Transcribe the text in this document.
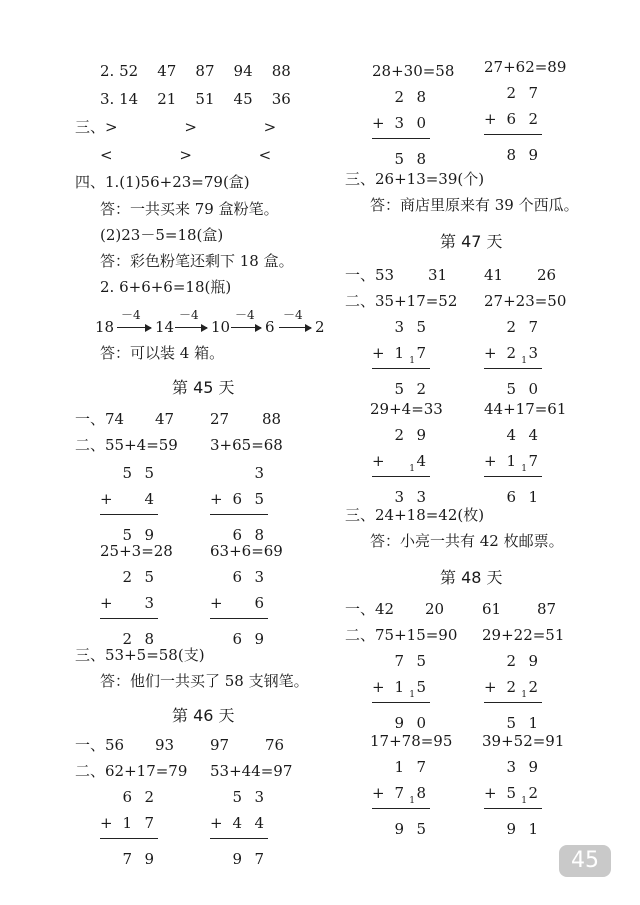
2. 52    47    87    94    88
3. 14    21    51    45    36
三、>              >              >
<              >              <
四、1.(1)56+23=79(盒)
答：一共买来 79 盒粉笔。
(2)23－5=18(盒)
答：彩色粉笔还剩下 18 盒。
2. 6+6+6=18(瓶)
18
－4
14
－4
10
－4
6
－4
2
答：可以装 4 箱。
第 45 天
一、74 47 27 88
二、55+4=59 3+65=68
5 5
+ 4
5 9
3
+ 6 5
6 8
25+3=28 63+6=69
2 5
+ 3
2 8
6 3
+ 6
6 9
三、53+5=58(支)
答：他们一共买了 58 支钢笔。
第 46 天
一、56 93 97 76
二、62+17=79 53+44=97
6 2
+ 1 7
7 9
5 3
+ 4 4
9 7
28+30=58 27+62=89
2 8
+ 3 0
5 8
2 7
+ 6 2
8 9
三、26+13=39(个)
答：商店里原来有 39 个西瓜。
第 47 天
一、53 31 41 26
二、35+17=52 27+23=50
3 5
+ 1 1 7
5 2
2 7
+ 2 1 3
5 0
29+4=33	44+17=61
2 9
+	1 4
3 3
4 4
+ 1 1 7
6 1
三、24+18=42(枚)
答：小亮一共有 42 枚邮票。
第 48 天
一、42 20	61 87
二、75+15=90 29+22=51
7 5
+ 1 1 5
9 0
2 9
+ 2 1 2
5 1
17+78=95 39+52=91
1 7
+ 7 1 8
9 5
3 9
+ 5 1 2
9 1
45
